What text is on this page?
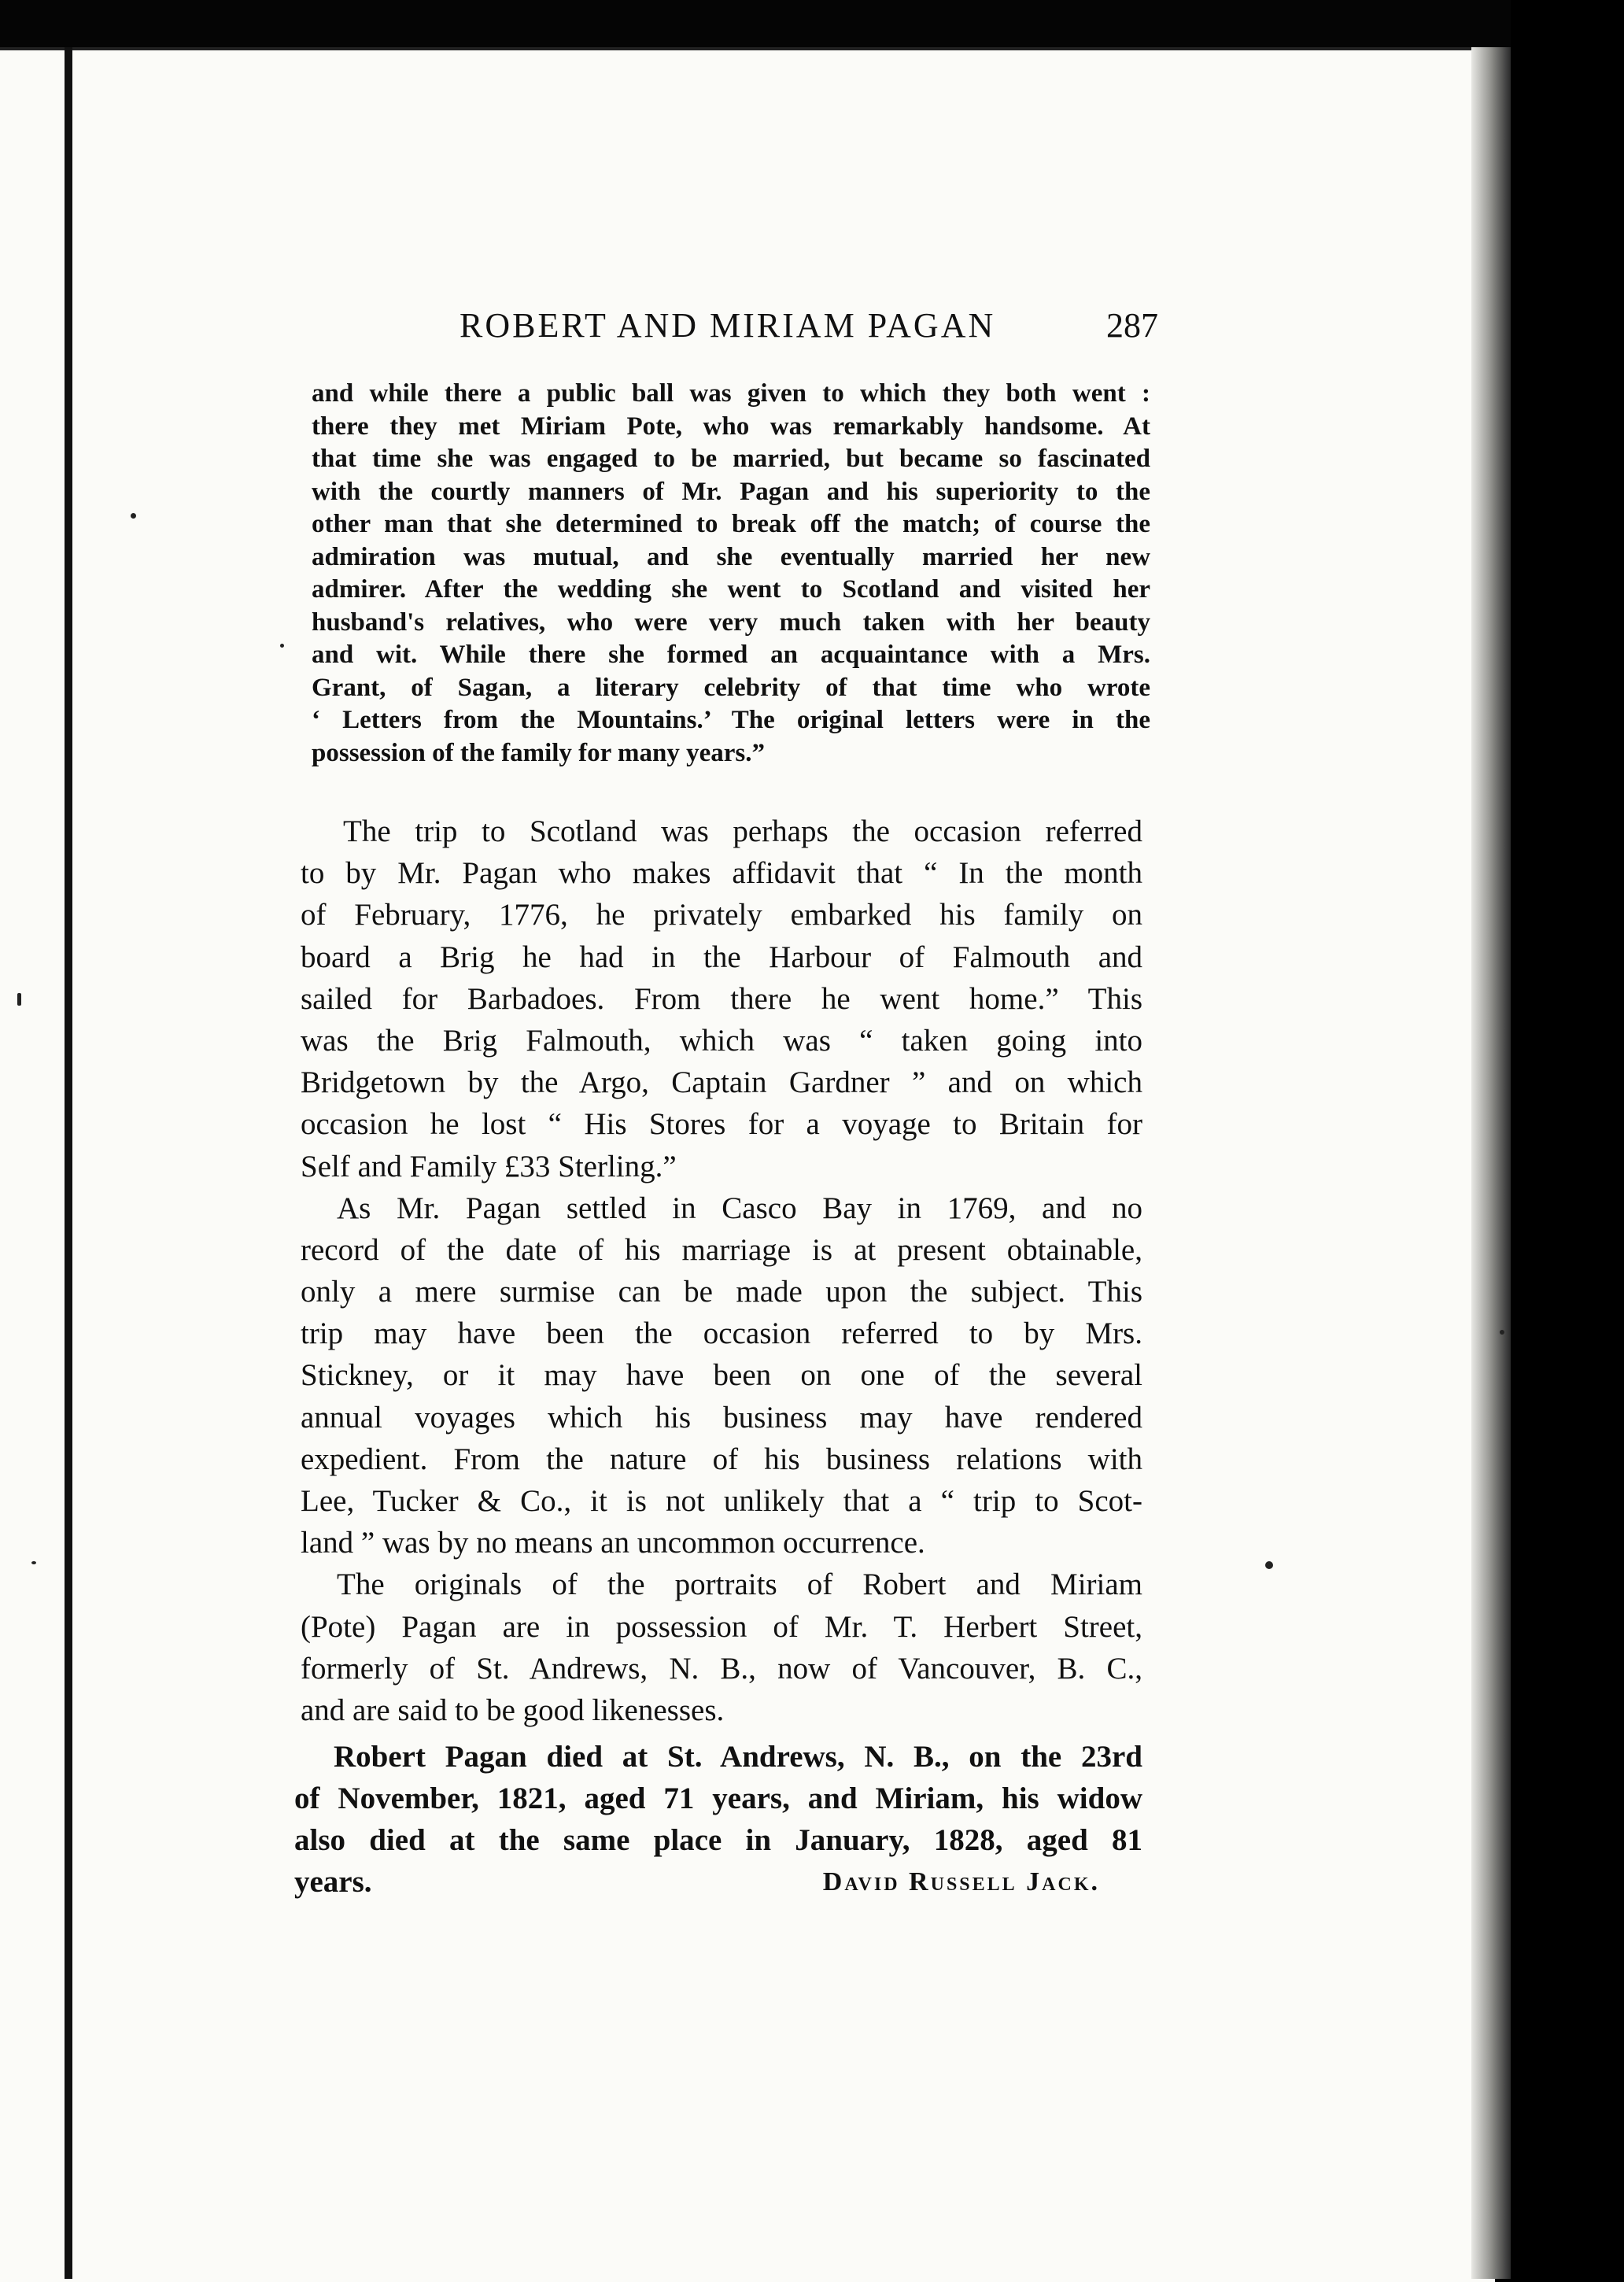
ROBERT AND MIRIAM PAGAN	287
and while there a public ball was given to which they both went :
there they met Miriam Pote, who was remarkably handsome. At
that time she was engaged to be married, but became so fascinated
with the courtly manners of Mr. Pagan and his superiority to the
other man that she determined to break off the match; of course the
admiration was mutual, and she eventually married her new
admirer. After the wedding she went to Scotland and visited her
husband's relatives, who were very much taken with her beauty
and wit. While there she formed an acquaintance with a Mrs.
Grant, of Sagan, a literary celebrity of that time who wrote
‘ Letters from the Mountains.’ The original letters were in the
possession of the family for many years.”
The trip to Scotland was perhaps the occasion referred
to by Mr. Pagan who makes affidavit that “ In the month
of February, 1776, he privately embarked his family on
board a Brig he had in the Harbour of Falmouth and
sailed for Barbadoes. From there he went home.” This
was the Brig Falmouth, which was “ taken going into
Bridgetown by the Argo, Captain Gardner ” and on which
occasion he lost “ His Stores for a voyage to Britain for
Self and Family £33 Sterling.”
As Mr. Pagan settled in Casco Bay in 1769, and no
record of the date of his marriage is at present obtainable,
only a mere surmise can be made upon the subject. This
trip may have been the occasion referred to by Mrs.
Stickney, or it may have been on one of the several
annual voyages which his business may have rendered
expedient. From the nature of his business relations with
Lee, Tucker & Co., it is not unlikely that a “ trip to Scot-
land ” was by no means an uncommon occurrence.
The originals of the portraits of Robert and Miriam
(Pote) Pagan are in possession of Mr. T. Herbert Street,
formerly of St. Andrews, N. B., now of Vancouver, B. C.,
and are said to be good likenesses.
Robert Pagan died at St. Andrews, N. B., on the 23rd
of November, 1821, aged 71 years, and Miriam, his widow
also died at the same place in January, 1828, aged 81
years.	David Russell Jack.
